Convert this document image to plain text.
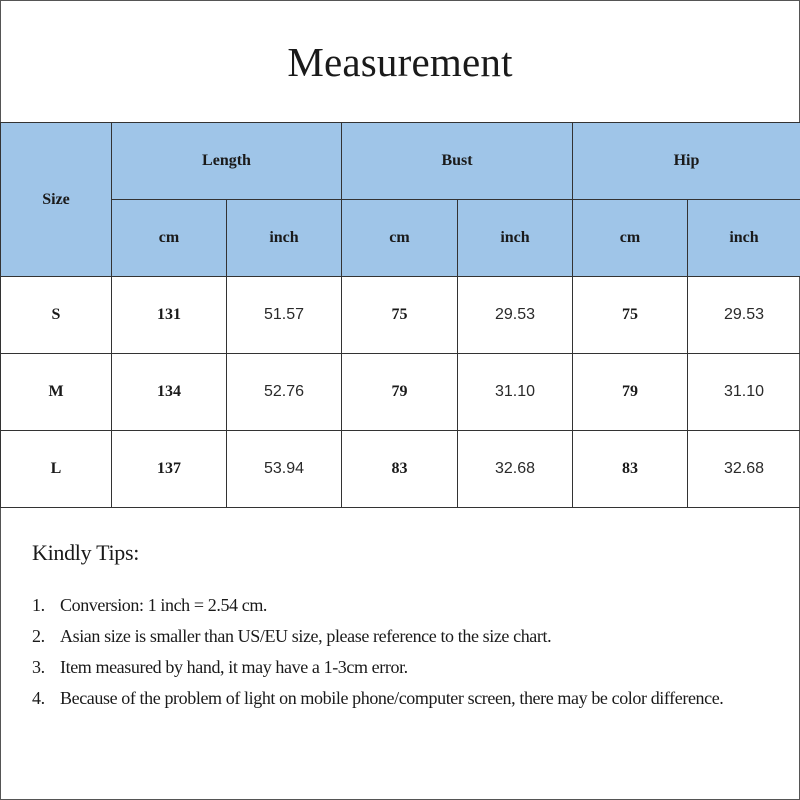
Measurement
Size	Length		Bust		Hip	
	cm	inch	cm	inch	cm	inch
S	131	51.57	75	29.53	75	29.53
M	134	52.76	79	31.10	79	31.10
L	137	53.94	83	32.68	83	32.68
Kindly Tips:
1. Conversion: 1 inch = 2.54 cm.
2. Asian size is smaller than US/EU size, please reference to the size chart.
3. Item measured by hand, it may have a 1-3cm error.
4. Because of the problem of light on mobile phone/computer screen, there may be color difference.
